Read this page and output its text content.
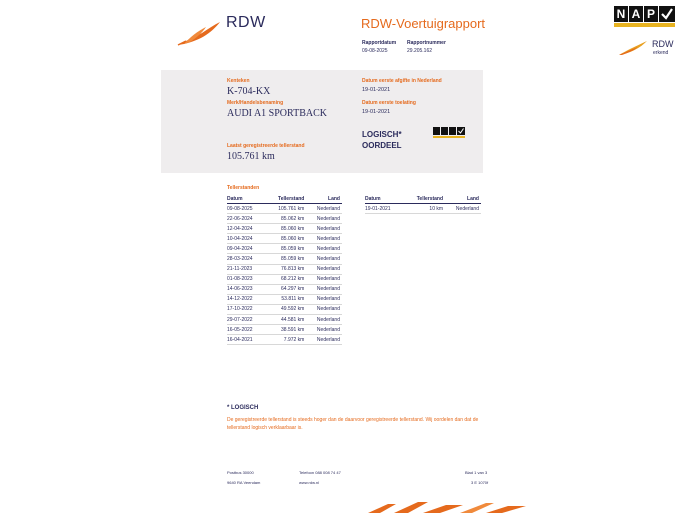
RDW	RDW-Voertuigrapport
Rapportdatum
09-08-2025
Rapportnummer
29.205.162
N A P
RDW
erkend
Kenteken
K-704-KX
Merk/Handelsbenaming
AUDI A1 SPORTBACK
Laatst geregistreerde tellerstand
105.761 km
Datum eerste afgifte in Nederland
19-01-2021
Datum eerste toelating
19-01-2021
LOGISCH*
OORDEEL
Tellerstanden
Datum	Tellerstand	Land
09-08-2025	105.761 km	Nederland
22-06-2024	85.062 km	Nederland
12-04-2024	85.060 km	Nederland
10-04-2024	85.060 km	Nederland
09-04-2024	85.059 km	Nederland
28-03-2024	85.059 km	Nederland
21-11-2023	76.813 km	Nederland
01-08-2023	68.212 km	Nederland
14-06-2023	64.297 km	Nederland
14-12-2022	53.811 km	Nederland
17-10-2022	49.592 km	Nederland
29-07-2022	44.581 km	Nederland
16-05-2022	38.591 km	Nederland
16-04-2021	7.972 km	Nederland
Datum	Tellerstand	Land
19-01-2021	10 km	Nederland
* LOGISCH
De geregistreerde tellerstand is steeds hoger dan de daarvoor geregistreerde tellerstand. Wij oordelen dan dat de tellerstand logisch verklaarbaar is.
Postbus 30000
9640 RA Veendam
Telefoon 088 008 74 47
www.rdw.nl
Blad 1 van 3
3 E 1070f
